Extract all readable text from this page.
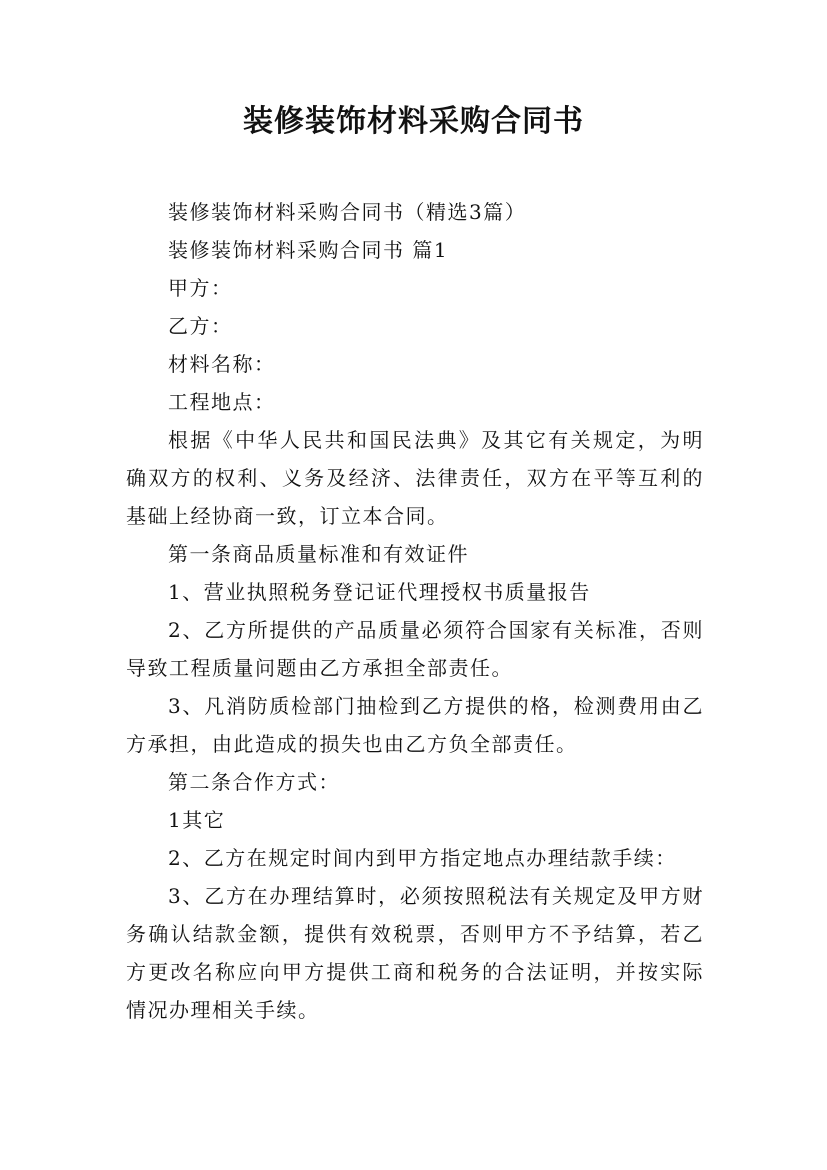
装修装饰材料采购合同书

装修装饰材料采购合同书（精选3篇）

装修装饰材料采购合同书 篇1

甲方：

乙方：

材料名称：

工程地点：

根据《中华人民共和国民法典》及其它有关规定，为明确双方的权利、义务及经济、法律责任，双方在平等互利的基础上经协商一致，订立本合同。

第一条商品质量标准和有效证件

1、营业执照税务登记证代理授权书质量报告

2、乙方所提供的产品质量必须符合国家有关标准，否则导致工程质量问题由乙方承担全部责任。

3、凡消防质检部门抽检到乙方提供的格，检测费用由乙方承担，由此造成的损失也由乙方负全部责任。

第二条合作方式：

1其它

2、乙方在规定时间内到甲方指定地点办理结款手续：

3、乙方在办理结算时，必须按照税法有关规定及甲方财务确认结款金额，提供有效税票，否则甲方不予结算，若乙方更改名称应向甲方提供工商和税务的合法证明，并按实际情况办理相关手续。
